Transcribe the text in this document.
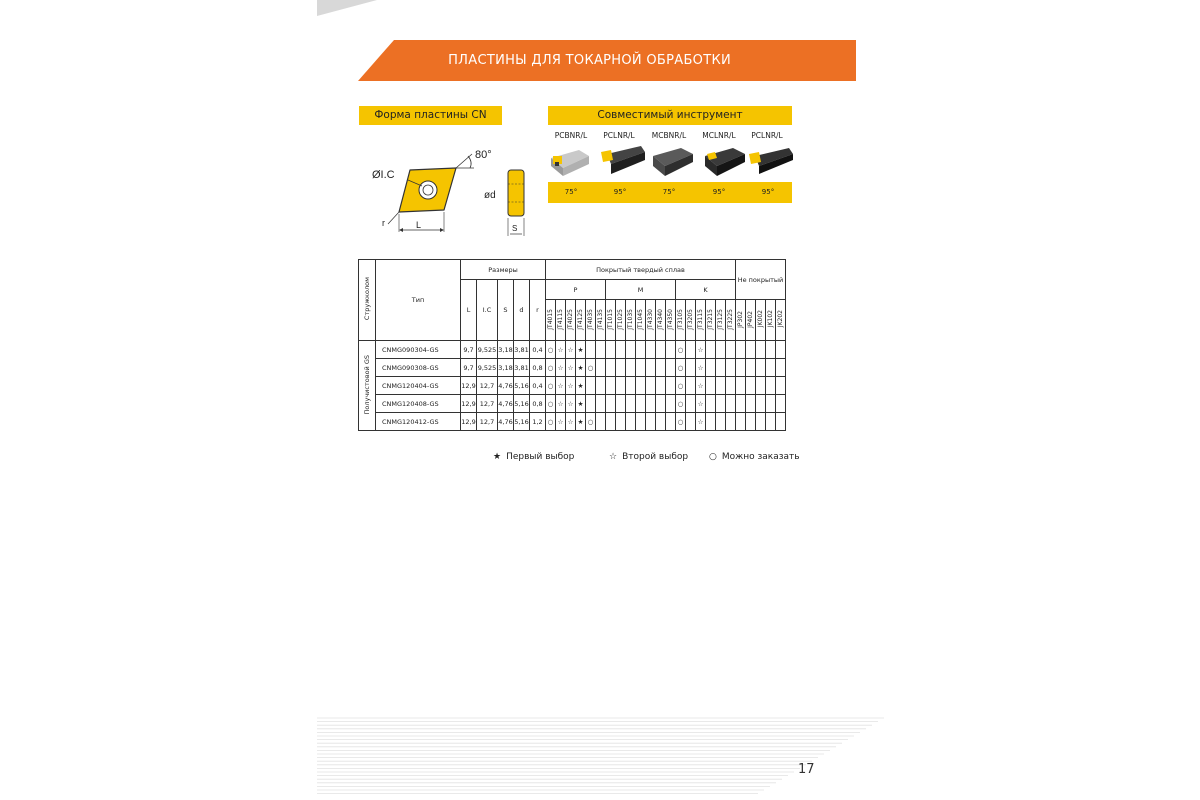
ПЛАСТИНЫ ДЛЯ ТОКАРНОЙ ОБРАБОТКИ
Форма пластины CN	Совместимый инструмент
PCBNR/L	PCLNR/L	MCBNR/L	MCLNR/L	PCLNR/L
75°	95°	75°	95°	95°
80°
ØI.C
r	L
ød
S
Стружколом	Тип	Размеры					Покрытый твердый сплав																			Не покрытый				
		L	I.C	S	d	r	P						M							K										
							JT4015	JT4115	JT4025	JT4125	JT4035	JT4135	JT1015	JT1025	JT1035	JT1045	JT4330	JT4340	JT4350	JT3105	JT3205	JT3115	JT3215	JT3125	JT3225	JP302	JP402	JK002	JK102	JK202
Получистовой GS	CNMG090304-GS	9,7	9,525	3,18	3,81	0,4	○	☆	☆	★										○		☆								
	CNMG090308-GS	9,7	9,525	3,18	3,81	0,8	○	☆	☆	★	○									○		☆								
	CNMG120404-GS	12,9	12,7	4,76	5,16	0,4	○	☆	☆	★										○		☆								
	CNMG120408-GS	12,9	12,7	4,76	5,16	0,8	○	☆	☆	★										○		☆								
	CNMG120412-GS	12,9	12,7	4,76	5,16	1,2	○	☆	☆	★	○									○		☆								
★ Первый выбор	☆ Второй выбор ○ Можно заказать
17
